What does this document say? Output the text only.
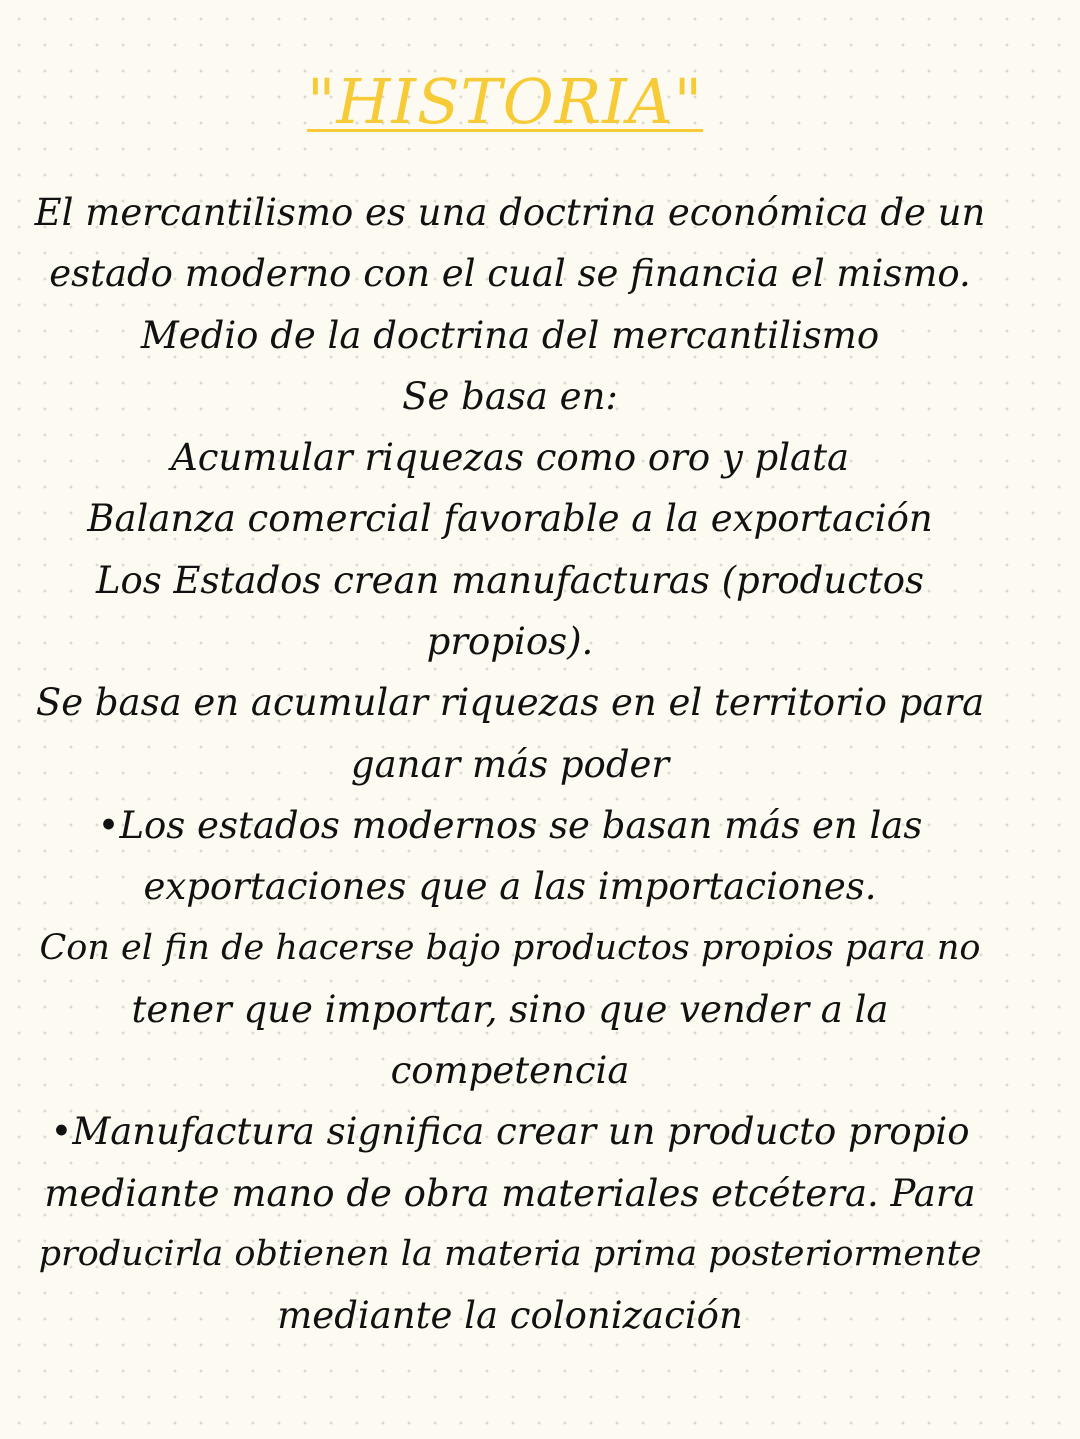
"HISTORIA"
El mercantilismo es una doctrina económica de un
estado moderno con el cual se financia el mismo.
Medio de la doctrina del mercantilismo
Se basa en:
Acumular riquezas como oro y plata
Balanza comercial favorable a la exportación
Los Estados crean manufacturas (productos
propios).
Se basa en acumular riquezas en el territorio para
ganar más poder
•Los estados modernos se basan más en las
exportaciones que a las importaciones.
Con el fin de hacerse bajo productos propios para no
tener que importar, sino que vender a la
competencia
•Manufactura significa crear un producto propio
mediante mano de obra materiales etcétera. Para
producirla obtienen la materia prima posteriormente
mediante la colonización
